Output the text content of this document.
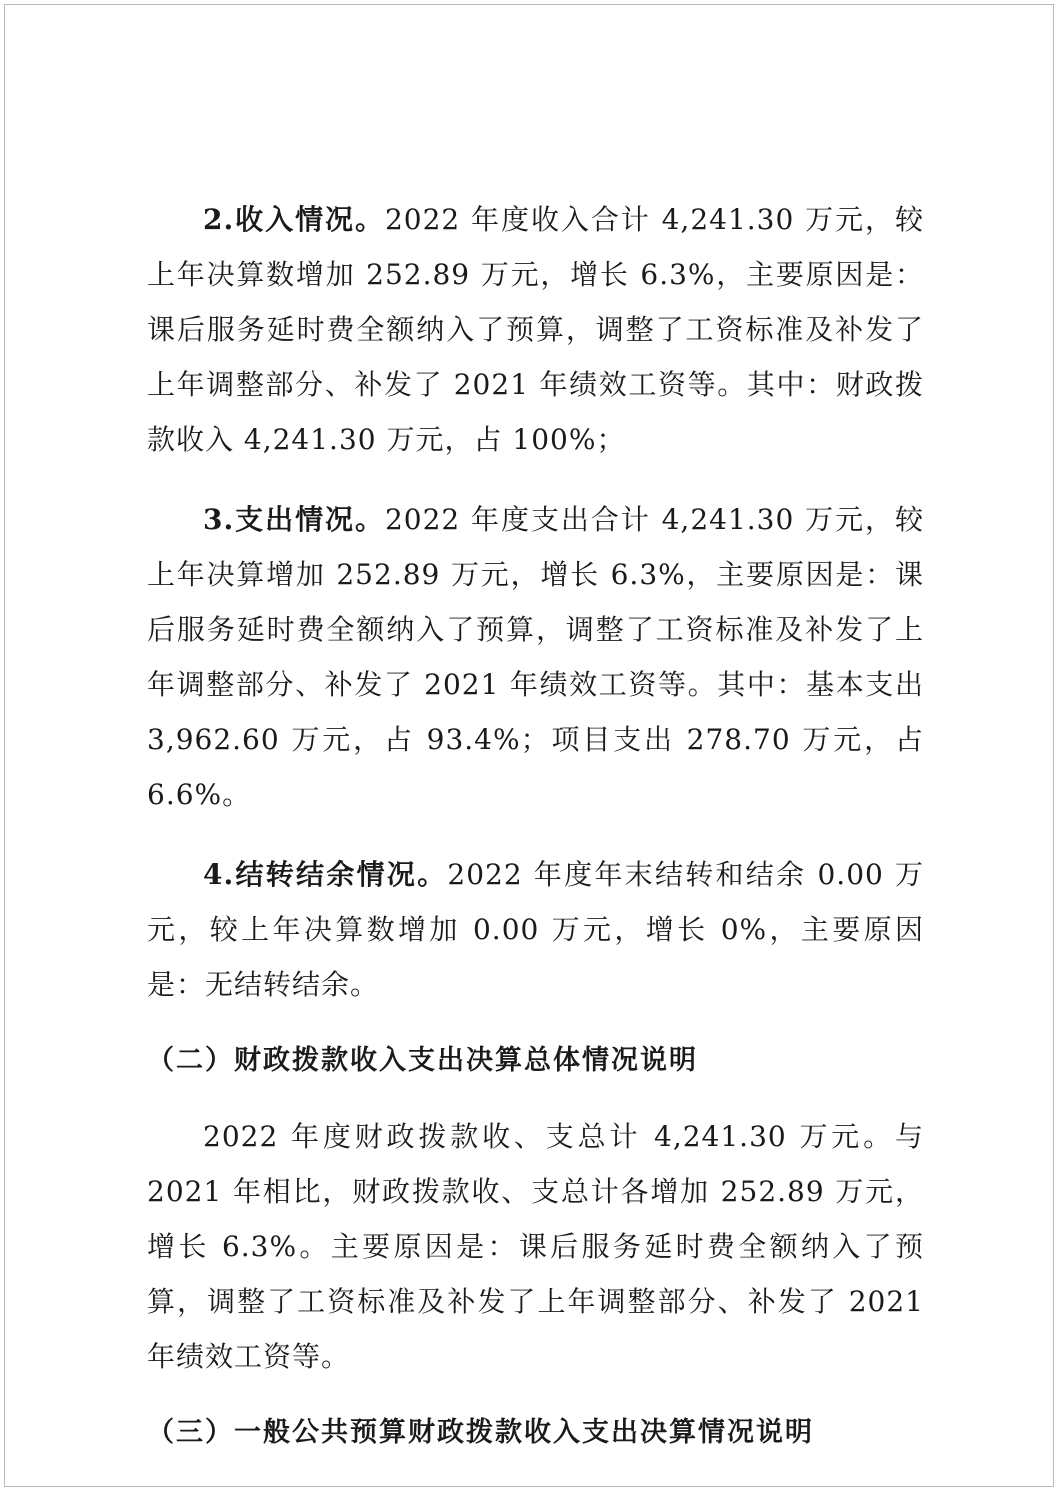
2.收入情况。2022 年度收入合计 4,241.30 万元，较上年决算数增加 252.89 万元，增长 6.3%，主要原因是：课后服务延时费全额纳入了预算，调整了工资标准及补发了上年调整部分、补发了 2021 年绩效工资等。其中：财政拨款收入 4,241.30 万元，占 100%；

3.支出情况。2022 年度支出合计 4,241.30 万元，较上年决算增加 252.89 万元，增长 6.3%，主要原因是：课后服务延时费全额纳入了预算，调整了工资标准及补发了上年调整部分、补发了 2021 年绩效工资等。其中：基本支出 3,962.60 万元，占 93.4%；项目支出 278.70 万元，占 6.6%。

4.结转结余情况。2022 年度年末结转和结余 0.00 万元，较上年决算数增加 0.00 万元，增长 0%，主要原因是：无结转结余。

（二）财政拨款收入支出决算总体情况说明

2022 年度财政拨款收、支总计 4,241.30 万元。与 2021 年相比，财政拨款收、支总计各增加 252.89 万元，增长 6.3%。主要原因是：课后服务延时费全额纳入了预算，调整了工资标准及补发了上年调整部分、补发了 2021 年绩效工资等。

（三）一般公共预算财政拨款收入支出决算情况说明
